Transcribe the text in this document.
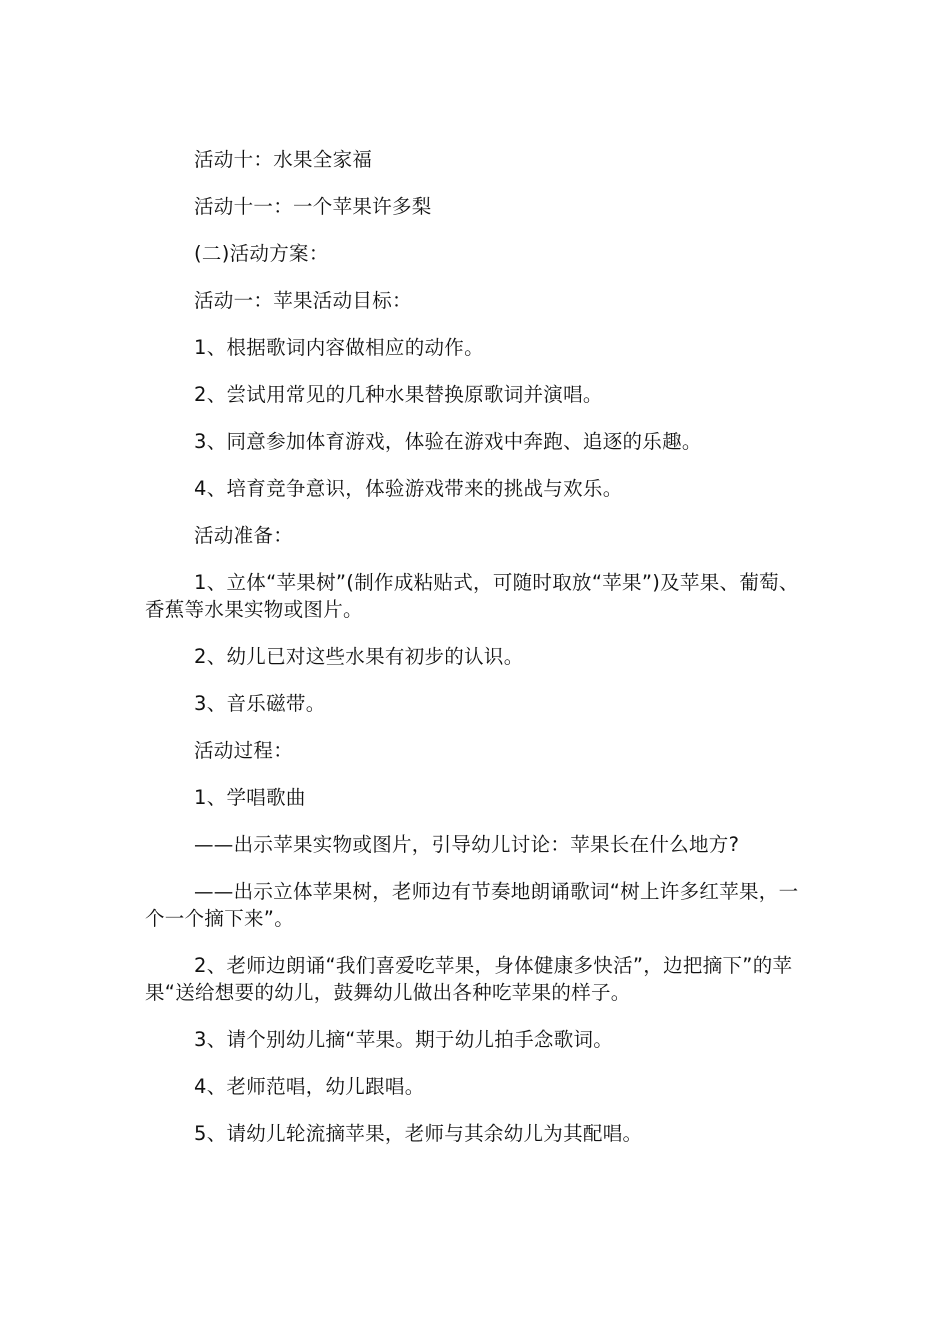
活动十：水果全家福

活动十一：一个苹果许多梨

(二)活动方案：

活动一：苹果活动目标：

1、根据歌词内容做相应的动作。

2、尝试用常见的几种水果替换原歌词并演唱。

3、同意参加体育游戏，体验在游戏中奔跑、追逐的乐趣。

4、培育竞争意识，体验游戏带来的挑战与欢乐。

活动准备：

1、立体“苹果树”(制作成粘贴式，可随时取放“苹果”)及苹果、葡萄、香蕉等水果实物或图片。

2、幼儿已对这些水果有初步的认识。

3、音乐磁带。

活动过程：

1、学唱歌曲

——出示苹果实物或图片，引导幼儿讨论：苹果长在什么地方?

——出示立体苹果树，老师边有节奏地朗诵歌词“树上许多红苹果，一个一个摘下来”。

2、老师边朗诵“我们喜爱吃苹果，身体健康多快活”，边把摘下”的苹果“送给想要的幼儿，鼓舞幼儿做出各种吃苹果的样子。

3、请个别幼儿摘“苹果。期于幼儿拍手念歌词。

4、老师范唱，幼儿跟唱。

5、请幼儿轮流摘苹果，老师与其余幼儿为其配唱。
